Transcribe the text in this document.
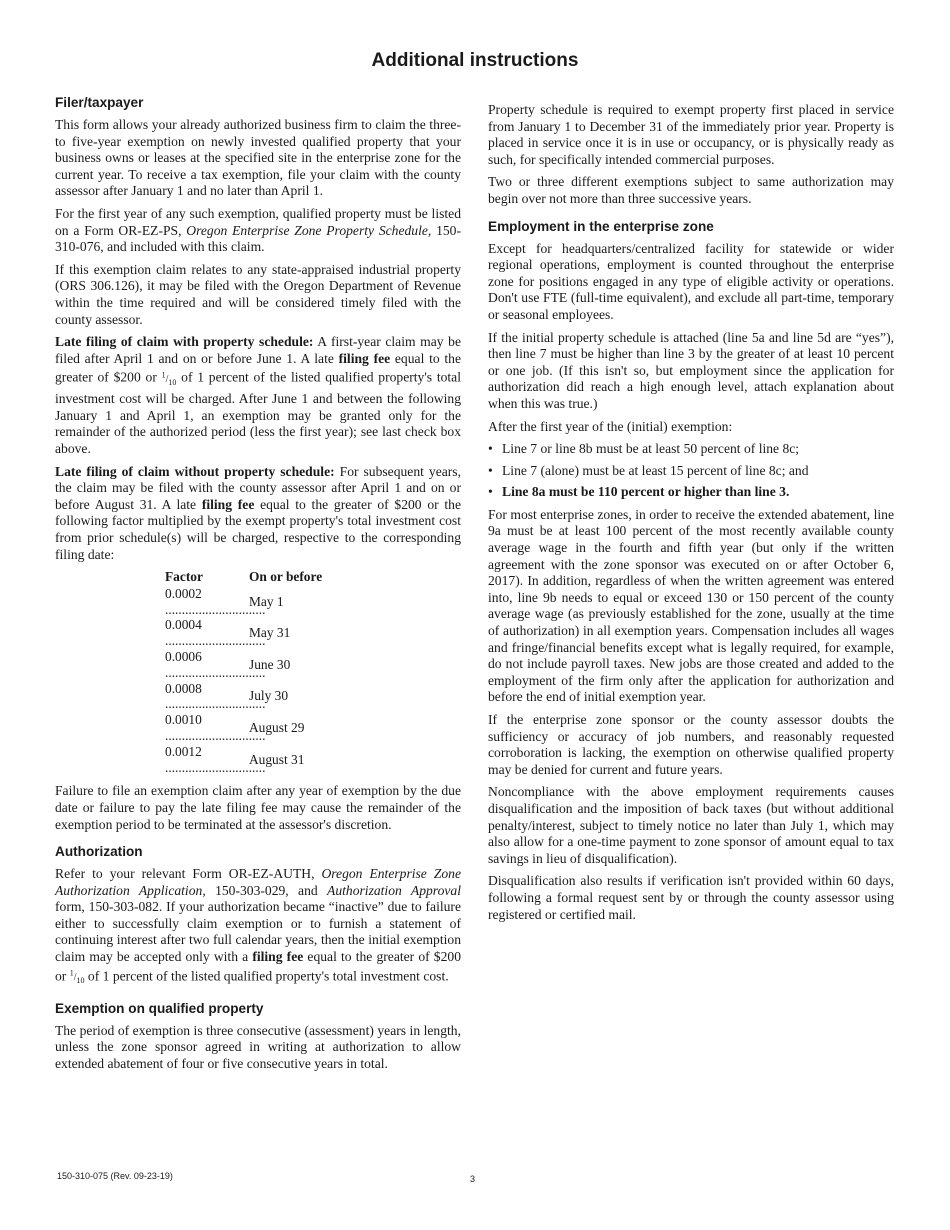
Additional instructions
Filer/taxpayer

This form allows your already authorized business firm to claim the three- to five-year exemption on newly invested qualified property that your business owns or leases at the specified site in the enterprise zone for the current year. To receive a tax exemption, file your claim with the county assessor after January 1 and no later than April 1.

For the first year of any such exemption, qualified property must be listed on a Form OR-EZ-PS, Oregon Enterprise Zone Property Schedule, 150-310-076, and included with this claim.

If this exemption claim relates to any state-appraised industrial property (ORS 306.126), it may be filed with the Oregon Department of Revenue within the time required and will be considered timely filed with the county assessor.

Late filing of claim with property schedule: A first-year claim may be filed after April 1 and on or before June 1. A late filing fee equal to the greater of $200 or $^1/_{10}$ of 1 percent of the listed qualified property's total investment cost will be charged. After June 1 and between the following January 1 and April 1, an exemption may be granted only for the remainder of the authorized period (less the first year); see last check box above.

Late filing of claim without property schedule: For subsequent years, the claim may be filed with the county assessor after April 1 and on or before August 31. A late filing fee equal to the greater of $200 or the following factor multiplied by the exempt property's total investment cost from prior schedule(s) will be charged, respective to the corresponding filing date:

Factor	On or before
0.0002..............................	May 1
0.0004..............................	May 31
0.0006..............................	June 30
0.0008..............................	July 30
0.0010..............................	August 29
0.0012..............................	August 31

Failure to file an exemption claim after any year of exemption by the due date or failure to pay the late filing fee may cause the remainder of the exemption period to be terminated at the assessor's discretion.

Authorization

Refer to your relevant Form OR-EZ-AUTH, Oregon Enterprise Zone Authorization Application, 150-303-029, and Authorization Approval form, 150-303-082. If your authorization became “inactive” due to failure either to successfully claim exemption or to furnish a statement of continuing interest after two full calendar years, then the initial exemption claim may be accepted only with a filing fee equal to the greater of $200 or $^1/_{10}$ of 1 percent of the listed qualified property's total investment cost.

Exemption on qualified property

The period of exemption is three consecutive (assessment) years in length, unless the zone sponsor agreed in writing at authorization to allow extended abatement of four or five consecutive years in total.

Property schedule is required to exempt property first placed in service from January 1 to December 31 of the immediately prior year. Property is placed in service once it is in use or occupancy, or is physically ready as such, for specifically intended commercial purposes.

Two or three different exemptions subject to same authorization may begin over not more than three successive years.

Employment in the enterprise zone

Except for headquarters/centralized facility for statewide or wider regional operations, employment is counted throughout the enterprise zone for positions engaged in any type of eligible activity or operations. Don't use FTE (full-time equivalent), and exclude all part-time, temporary or seasonal employees.

If the initial property schedule is attached (line 5a and line 5d are “yes”), then line 7 must be higher than line 3 by the greater of at least 10 percent or one job. (If this isn't so, but employment since the application for authorization did reach a high enough level, attach explanation about when this was true.)

After the first year of the (initial) exemption:

• Line 7 or line 8b must be at least 50 percent of line 8c;
• Line 7 (alone) must be at least 15 percent of line 8c; and
• Line 8a must be 110 percent or higher than line 3.

For most enterprise zones, in order to receive the extended abatement, line 9a must be at least 100 percent of the most recently available county average wage in the fourth and fifth year (but only if the written agreement with the zone sponsor was executed on or after October 6, 2017). In addition, regardless of when the written agreement was entered into, line 9b needs to equal or exceed 130 or 150 percent of the county average wage (as previously established for the zone, usually at the time of authorization) in all exemption years. Compensation includes all wages and fringe/financial benefits except what is legally required, for example, do not include payroll taxes. New jobs are those created and added to the employment of the firm only after the application for authorization and before the end of initial exemption year.

If the enterprise zone sponsor or the county assessor doubts the sufficiency or accuracy of job numbers, and reasonably requested corroboration is lacking, the exemption on otherwise qualified property may be denied for current and future years.

Noncompliance with the above employment requirements causes disqualification and the imposition of back taxes (but without additional penalty/interest, subject to timely notice no later than July 1, which may also allow for a one-time payment to zone sponsor of amount equal to tax savings in lieu of disqualification).

Disqualification also results if verification isn't provided within 60 days, following a formal request sent by or through the county assessor using registered or certified mail.

150-310-075 (Rev. 09-23-19)	3
